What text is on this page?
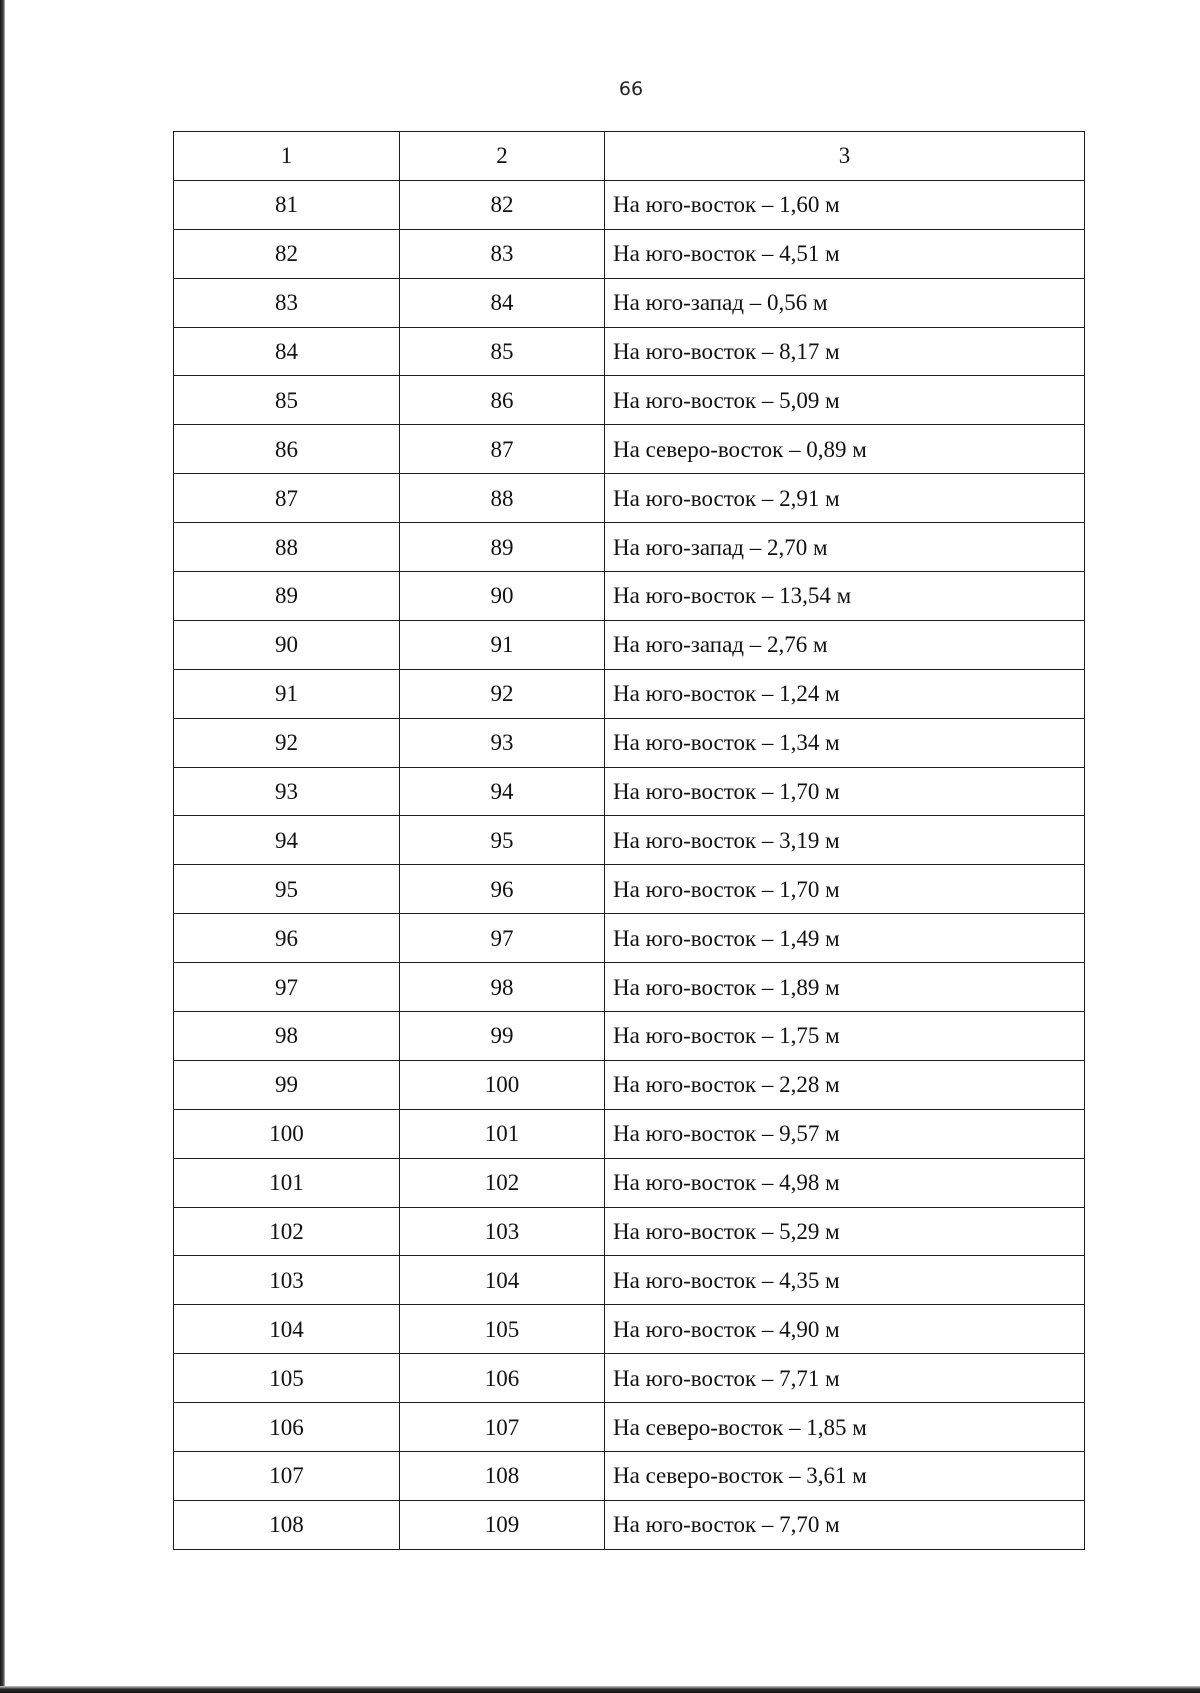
66
1	2	3
81	82	На юго-восток – 1,60 м
82	83	На юго-восток – 4,51 м
83	84	На юго-запад – 0,56 м
84	85	На юго-восток – 8,17 м
85	86	На юго-восток – 5,09 м
86	87	На северо-восток – 0,89 м
87	88	На юго-восток – 2,91 м
88	89	На юго-запад – 2,70 м
89	90	На юго-восток – 13,54 м
90	91	На юго-запад – 2,76 м
91	92	На юго-восток – 1,24 м
92	93	На юго-восток – 1,34 м
93	94	На юго-восток – 1,70 м
94	95	На юго-восток – 3,19 м
95	96	На юго-восток – 1,70 м
96	97	На юго-восток – 1,49 м
97	98	На юго-восток – 1,89 м
98	99	На юго-восток – 1,75 м
99	100	На юго-восток – 2,28 м
100	101	На юго-восток – 9,57 м
101	102	На юго-восток – 4,98 м
102	103	На юго-восток – 5,29 м
103	104	На юго-восток – 4,35 м
104	105	На юго-восток – 4,90 м
105	106	На юго-восток – 7,71 м
106	107	На северо-восток – 1,85 м
107	108	На северо-восток – 3,61 м
108	109	На юго-восток – 7,70 м
